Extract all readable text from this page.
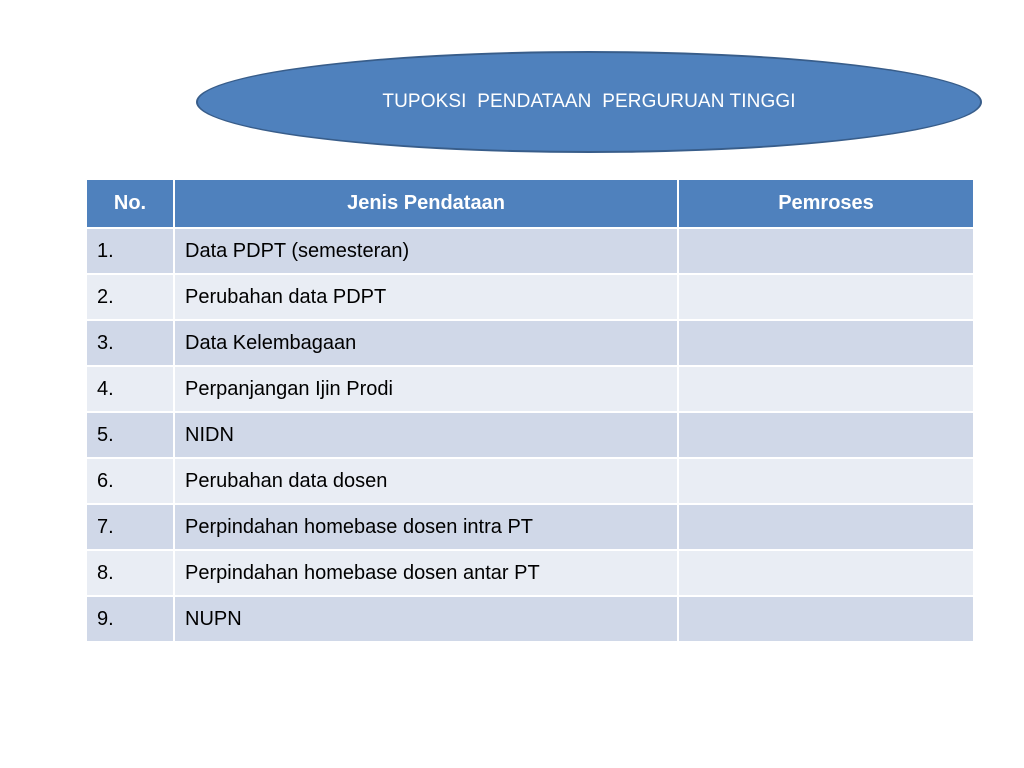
TUPOKSI  PENDATAAN  PERGURUAN TINGGI
No.	Jenis Pendataan	Pemroses
1.	Data PDPT (semesteran)	
2.	Perubahan data PDPT	
3.	Data Kelembagaan	
4.	Perpanjangan Ijin Prodi	
5.	NIDN	
6.	Perubahan data dosen	
7.	Perpindahan homebase dosen intra PT	
8.	Perpindahan homebase dosen antar PT	
9.	NUPN	
